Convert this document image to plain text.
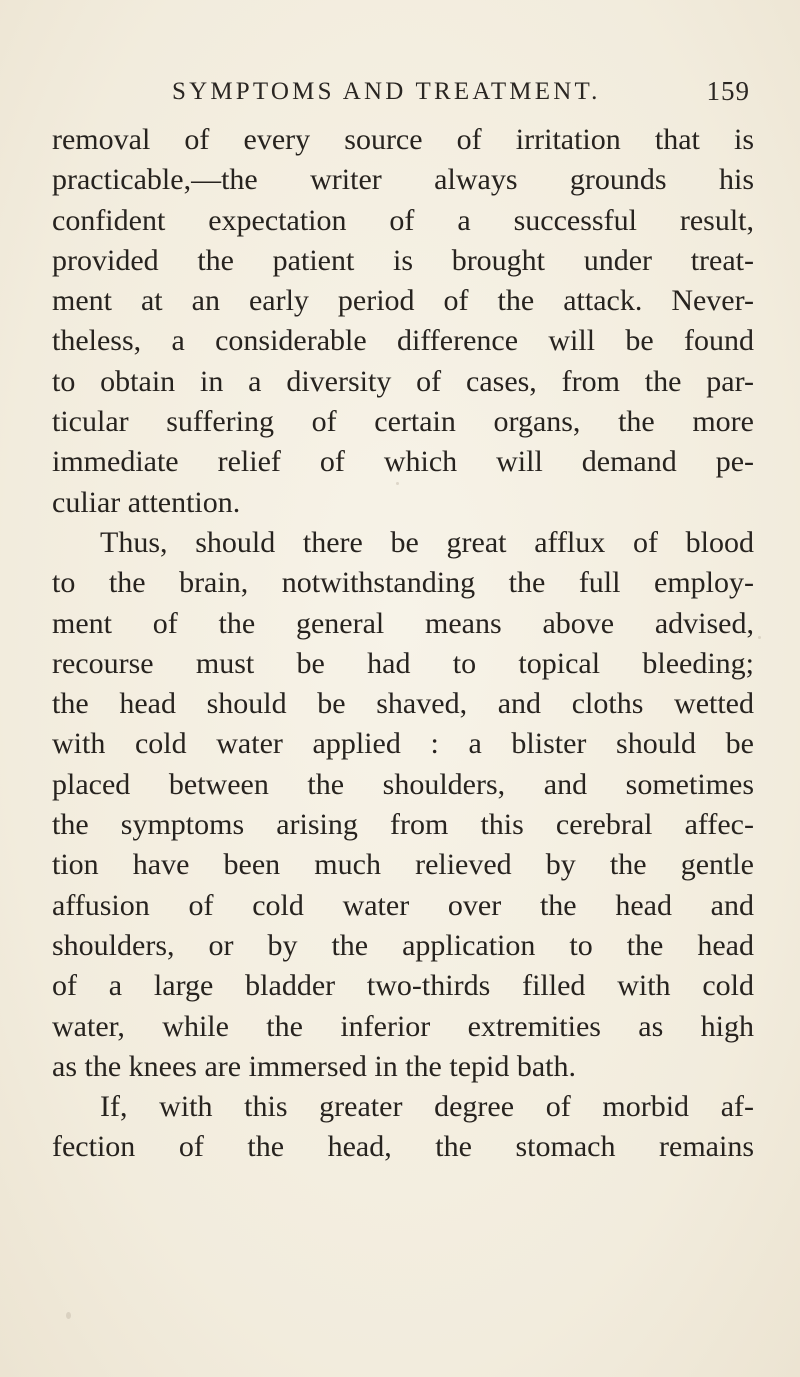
SYMPTOMS AND TREATMENT.	159
removal of every source of irritation that is
practicable,—the writer always grounds his
confident expectation of a successful result,
provided the patient is brought under treat-
ment at an early period of the attack. Never-
theless, a considerable difference will be found
to obtain in a diversity of cases, from the par-
ticular suffering of certain organs, the more
immediate relief of which will demand pe-
culiar attention.
Thus, should there be great afflux of blood
to the brain, notwithstanding the full employ-
ment of the general means above advised,
recourse must be had to topical bleeding;
the head should be shaved, and cloths wetted
with cold water applied : a blister should be
placed between the shoulders, and sometimes
the symptoms arising from this cerebral affec-
tion have been much relieved by the gentle
affusion of cold water over the head and
shoulders, or by the application to the head
of a large bladder two-thirds filled with cold
water, while the inferior extremities as high
as the knees are immersed in the tepid bath.
If, with this greater degree of morbid af-
fection of the head, the stomach remains
